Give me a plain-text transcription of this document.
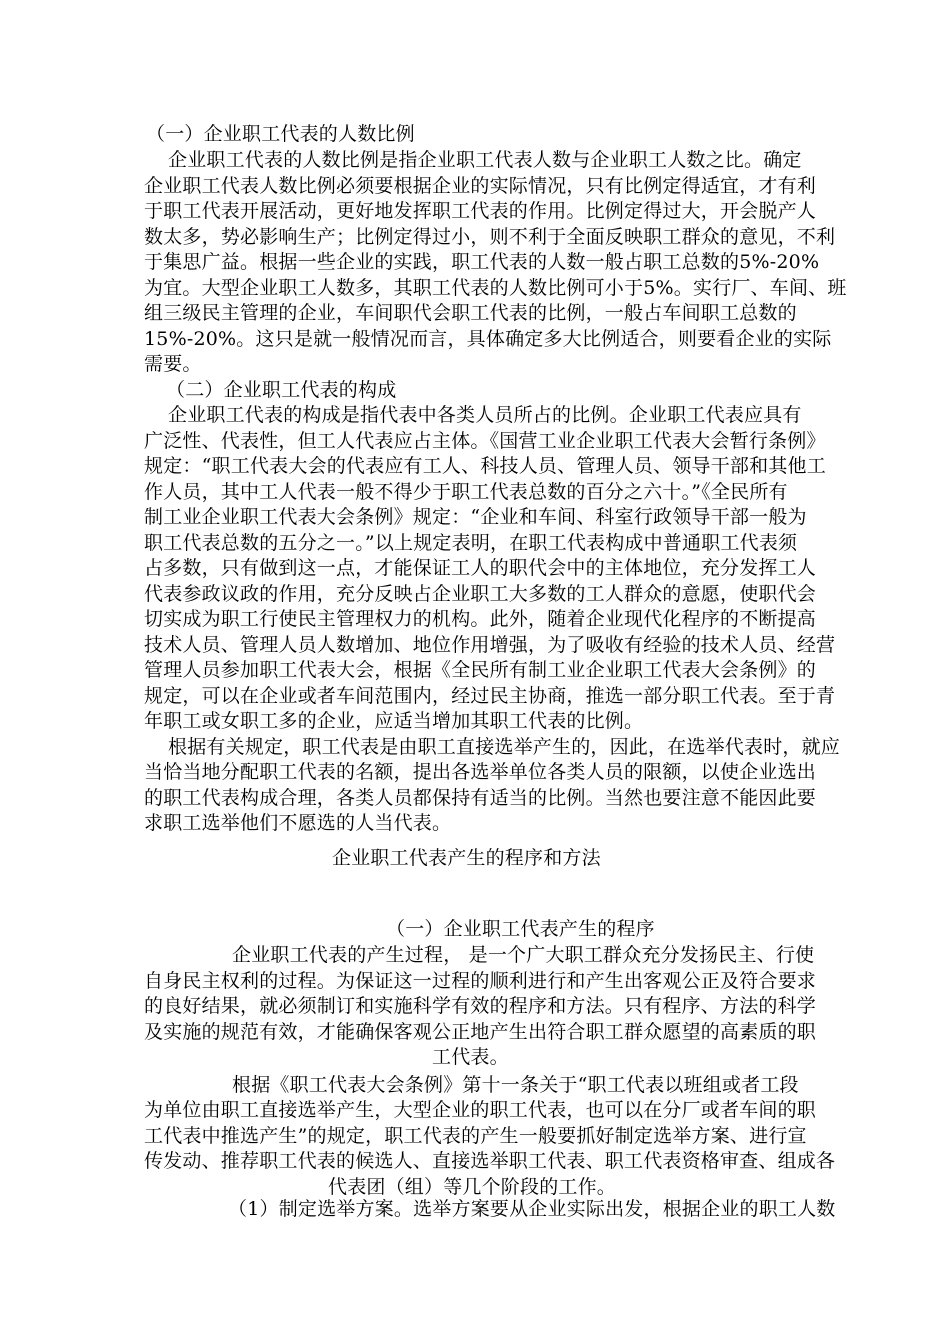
（一）企业职工代表的人数比例
企业职工代表的人数比例是指企业职工代表人数与企业职工人数之比。确定
企业职工代表人数比例必须要根据企业的实际情况，只有比例定得适宜，才有利
于职工代表开展活动，更好地发挥职工代表的作用。比例定得过大，开会脱产人
数太多，势必影响生产；比例定得过小，则不利于全面反映职工群众的意见，不利
于集思广益。根据一些企业的实践，职工代表的人数一般占职工总数的5%-20%
为宜。大型企业职工人数多，其职工代表的人数比例可小于5%。实行厂、车间、班
组三级民主管理的企业，车间职代会职工代表的比例，一般占车间职工总数的
15%-20%。这只是就一般情况而言，具体确定多大比例适合，则要看企业的实际
需要。
（二）企业职工代表的构成
企业职工代表的构成是指代表中各类人员所占的比例。企业职工代表应具有
广泛性、代表性，但工人代表应占主体。《国营工业企业职工代表大会暂行条例》
规定：“职工代表大会的代表应有工人、科技人员、管理人员、领导干部和其他工
作人员，其中工人代表一般不得少于职工代表总数的百分之六十。”《全民所有
制工业企业职工代表大会条例》规定：“企业和车间、科室行政领导干部一般为
职工代表总数的五分之一。”以上规定表明，在职工代表构成中普通职工代表须
占多数，只有做到这一点，才能保证工人的职代会中的主体地位，充分发挥工人
代表参政议政的作用，充分反映占企业职工大多数的工人群众的意愿，使职代会
切实成为职工行使民主管理权力的机构。此外，随着企业现代化程序的不断提高
技术人员、管理人员人数增加、地位作用增强，为了吸收有经验的技术人员、经营
管理人员参加职工代表大会，根据《全民所有制工业企业职工代表大会条例》的
规定，可以在企业或者车间范围内，经过民主协商，推选一部分职工代表。至于青
年职工或女职工多的企业，应适当增加其职工代表的比例。
根据有关规定，职工代表是由职工直接选举产生的，因此，在选举代表时，就应
当恰当地分配职工代表的名额，提出各选举单位各类人员的限额，以使企业选出
的职工代表构成合理，各类人员都保持有适当的比例。当然也要注意不能因此要
求职工选举他们不愿选的人当代表。
企业职工代表产生的程序和方法
（一）企业职工代表产生的程序
企业职工代表的产生过程， 是一个广大职工群众充分发扬民主、行使
自身民主权利的过程。为保证这一过程的顺利进行和产生出客观公正及符合要求
的良好结果，就必须制订和实施科学有效的程序和方法。只有程序、方法的科学
及实施的规范有效，才能确保客观公正地产生出符合职工群众愿望的高素质的职
工代表。
根据《职工代表大会条例》第十一条关于“职工代表以班组或者工段
为单位由职工直接选举产生，大型企业的职工代表，也可以在分厂或者车间的职
工代表中推选产生”的规定，职工代表的产生一般要抓好制定选举方案、进行宣
传发动、推荐职工代表的候选人、直接选举职工代表、职工代表资格审查、组成各
代表团（组）等几个阶段的工作。
（1）制定选举方案。选举方案要从企业实际出发，根据企业的职工人数
